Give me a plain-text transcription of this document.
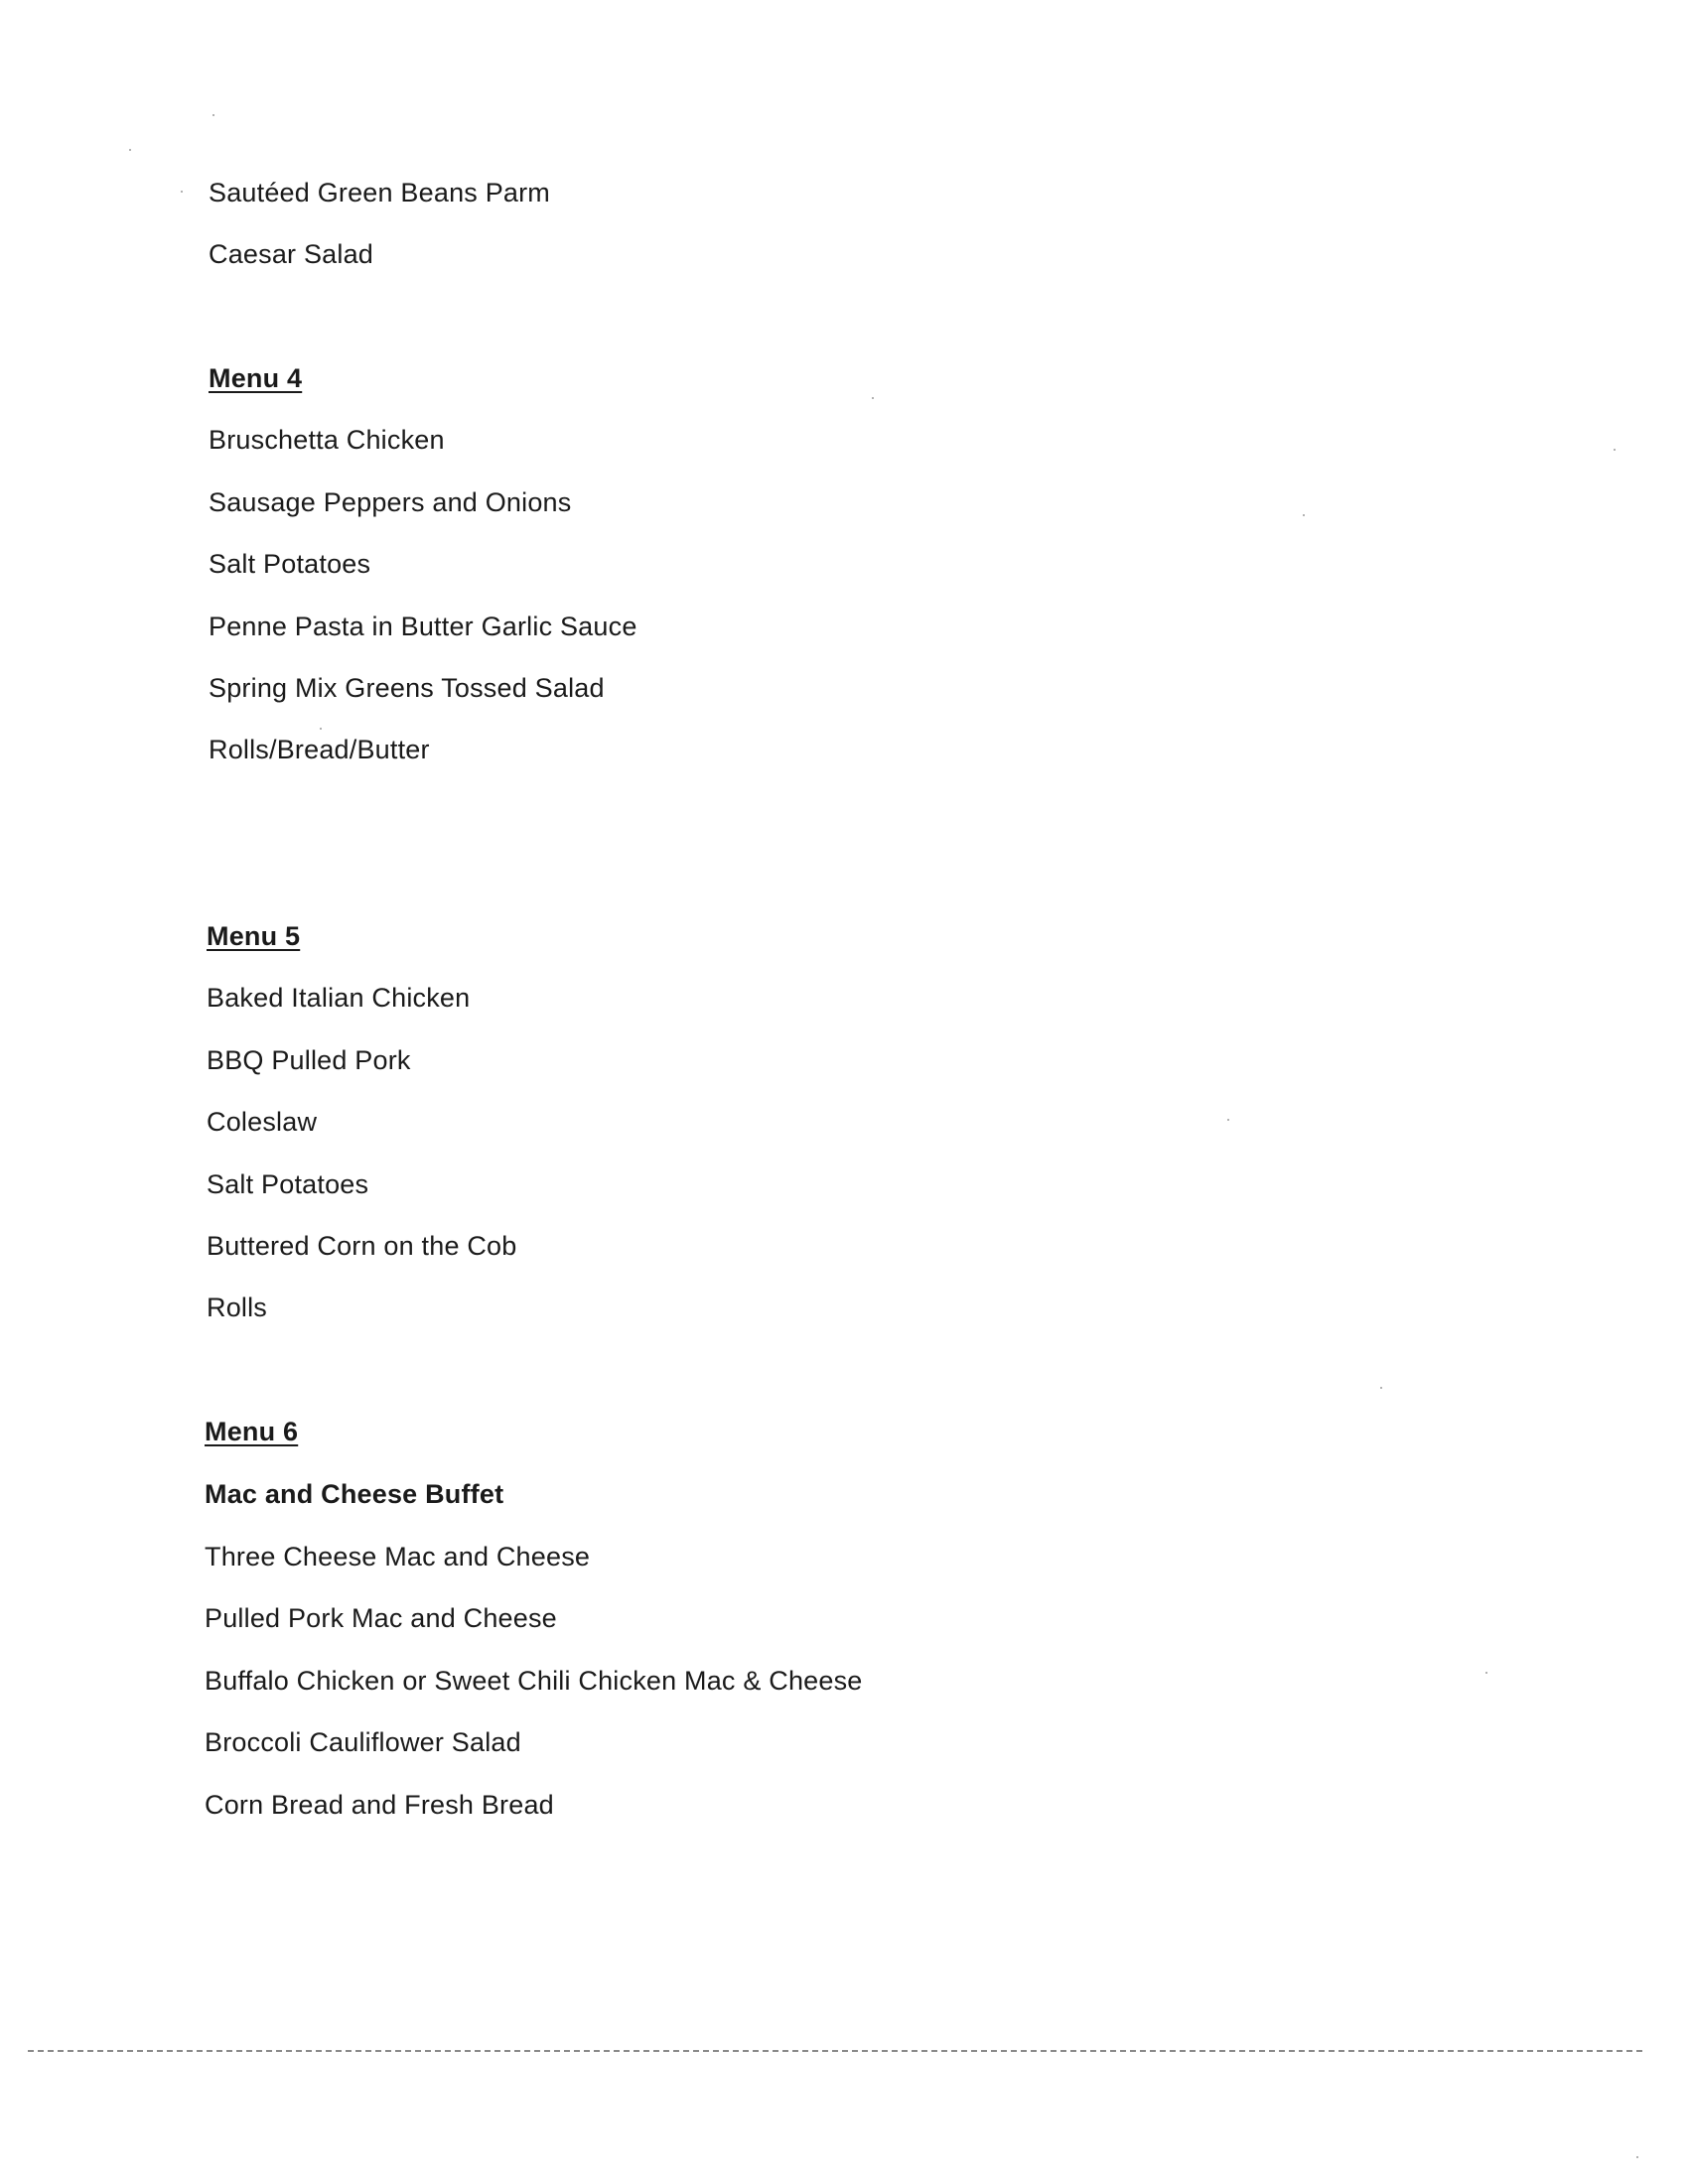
Sautéed Green Beans Parm
Caesar Salad
Menu 4
Bruschetta Chicken
Sausage Peppers and Onions
Salt Potatoes
Penne Pasta in Butter Garlic Sauce
Spring Mix Greens Tossed Salad
Rolls/Bread/Butter
Menu 5
Baked Italian Chicken
BBQ Pulled Pork
Coleslaw
Salt Potatoes
Buttered Corn on the Cob
Rolls
Menu 6
Mac and Cheese Buffet
Three Cheese Mac and Cheese
Pulled Pork Mac and Cheese
Buffalo Chicken or Sweet Chili Chicken Mac & Cheese
Broccoli Cauliflower Salad
Corn Bread and Fresh Bread
